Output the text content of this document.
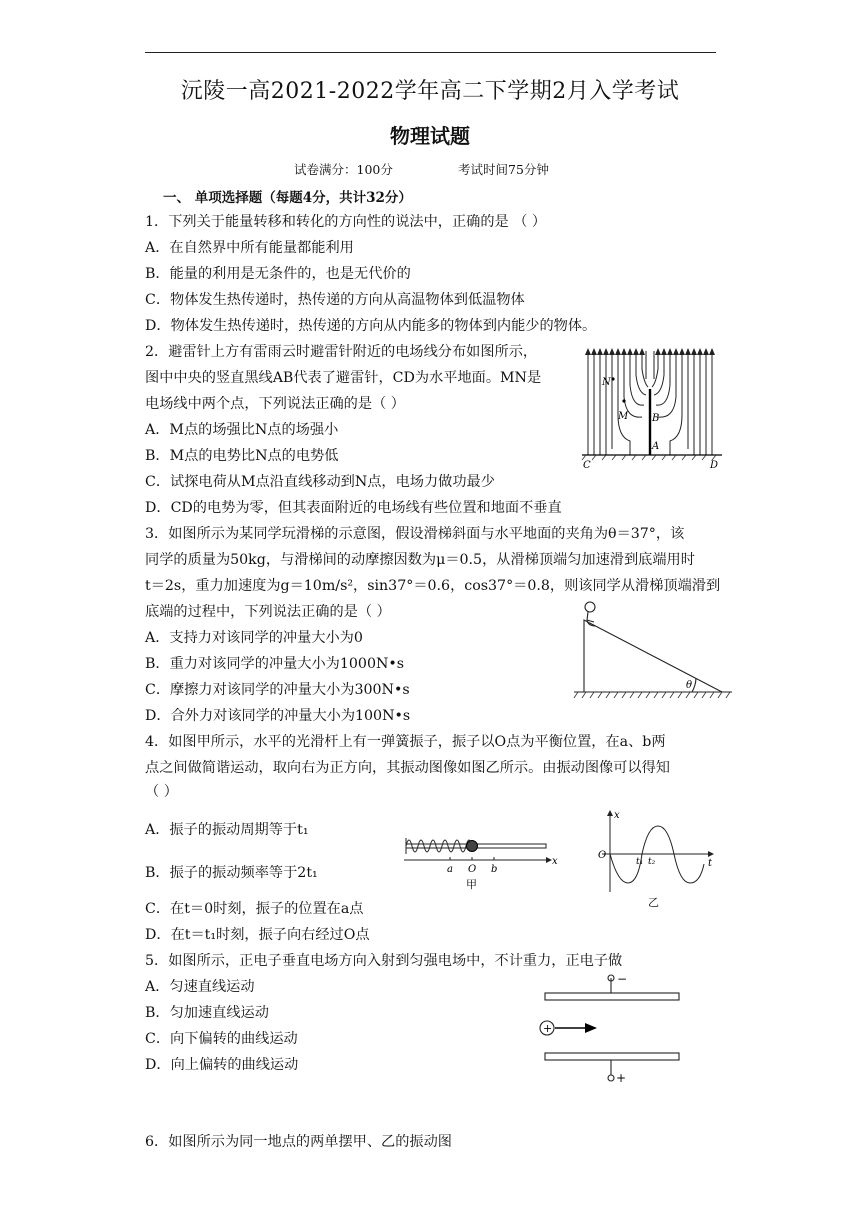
沅陵一高2021-2022学年高二下学期2月入学考试
物理试题
试卷满分：100分	考试时间75分钟
一、 单项选择题（每题4分，共计32分）
1．下列关于能量转移和转化的方向性的说法中，正确的是 （ ）
A．在自然界中所有能量都能利用
B．能量的利用是无条件的，也是无代价的
C．物体发生热传递时，热传递的方向从高温物体到低温物体
D．物体发生热传递时，热传递的方向从内能多的物体到内能少的物体。
2．避雷针上方有雷雨云时避雷针附近的电场线分布如图所示，
图中中央的竖直黑线AB代表了避雷针，CD为水平地面。MN是
电场线中两个点，下列说法正确的是（ ）
A．M点的场强比N点的场强小
B．M点的电势比N点的电势低
C．试探电荷从M点沿直线移动到N点，电场力做功最少
D．CD的电势为零，但其表面附近的电场线有些位置和地面不垂直
N
M B
A
C	D
3．如图所示为某同学玩滑梯的示意图，假设滑梯斜面与水平地面的夹角为θ＝37°，该
同学的质量为50kg，与滑梯间的动摩擦因数为μ＝0.5，从滑梯顶端匀加速滑到底端用时
t＝2s，重力加速度为g＝10m/s²，sin37°＝0.6，cos37°＝0.8，则该同学从滑梯顶端滑到
底端的过程中，下列说法正确的是（ ）
A．支持力对该同学的冲量大小为0
B．重力对该同学的冲量大小为1000N•s
C．摩擦力对该同学的冲量大小为300N•s
D．合外力对该同学的冲量大小为100N•s
θ
4．如图甲所示，水平的光滑杆上有一弹簧振子，振子以O点为平衡位置，在a、b两
点之间做简谐运动，取向右为正方向，其振动图像如图乙所示。由振动图像可以得知
（ ）
A．振子的振动周期等于t₁
B．振子的振动频率等于2t₁
C．在t＝0时刻，振子的位置在a点
D．在t＝t₁时刻，振子向右经过O点
a O b
x
甲
x
O
t₁ t₂	t
乙
5．如图所示，正电子垂直电场方向入射到匀强电场中，不计重力，正电子做
A．匀速直线运动
B．匀加速直线运动
C．向下偏转的曲线运动
D．向上偏转的曲线运动
−
+
+
6．如图所示为同一地点的两单摆甲、乙的振动图
